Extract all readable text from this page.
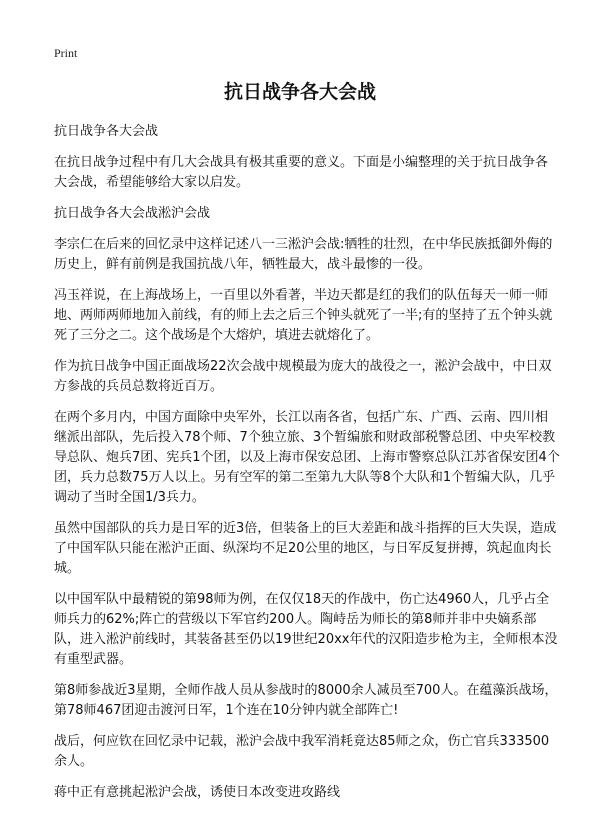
Print
抗日战争各大会战

抗日战争各大会战

在抗日战争过程中有几大会战具有极其重要的意义。下面是小编整理的关于抗日战争各大会战，希望能够给大家以启发。

抗日战争各大会战淞沪会战

李宗仁在后来的回忆录中这样记述八一三淞沪会战:牺牲的壮烈，在中华民族抵御外侮的历史上，鲜有前例是我国抗战八年，牺牲最大，战斗最惨的一役。

冯玉祥说，在上海战场上，一百里以外看著，半边天都是红的我们的队伍每天一师一师地、两师两师地加入前线，有的师上去之后三个钟头就死了一半;有的坚持了五个钟头就死了三分之二。这个战场是个大熔炉，填进去就熔化了。

作为抗日战争中国正面战场22次会战中规模最为庞大的战役之一，淞沪会战中，中日双方参战的兵员总数将近百万。

在两个多月内，中国方面除中央军外，长江以南各省，包括广东、广西、云南、四川相继派出部队，先后投入78个师、7个独立旅、3个暂编旅和财政部税警总团、中央军校教导总队、炮兵7团、宪兵1个团，以及上海市保安总团、上海市警察总队江苏省保安团4个团，兵力总数75万人以上。另有空军的第二至第九大队等8个大队和1个暂编大队，几乎调动了当时全国1/3兵力。

虽然中国部队的兵力是日军的近3倍，但装备上的巨大差距和战斗指挥的巨大失误，造成了中国军队只能在淞沪正面、纵深均不足20公里的地区，与日军反复拼搏，筑起血肉长城。

以中国军队中最精锐的第98师为例，在仅仅18天的作战中，伤亡达4960人，几乎占全师兵力的62%;阵亡的营级以下军官约200人。陶峙岳为师长的第8师并非中央嫡系部队，进入淞沪前线时，其装备甚至仍以19世纪20xx年代的汉阳造步枪为主，全师根本没有重型武器。

第8师参战近3星期，全师作战人员从参战时的8000余人减员至700人。在蕴藻浜战场，第78师467团迎击渡河日军，1个连在10分钟内就全部阵亡!

战后，何应钦在回忆录中记载，淞沪会战中我军消耗竟达85师之众，伤亡官兵333500余人。

蒋中正有意挑起淞沪会战，诱使日本改变进攻路线
